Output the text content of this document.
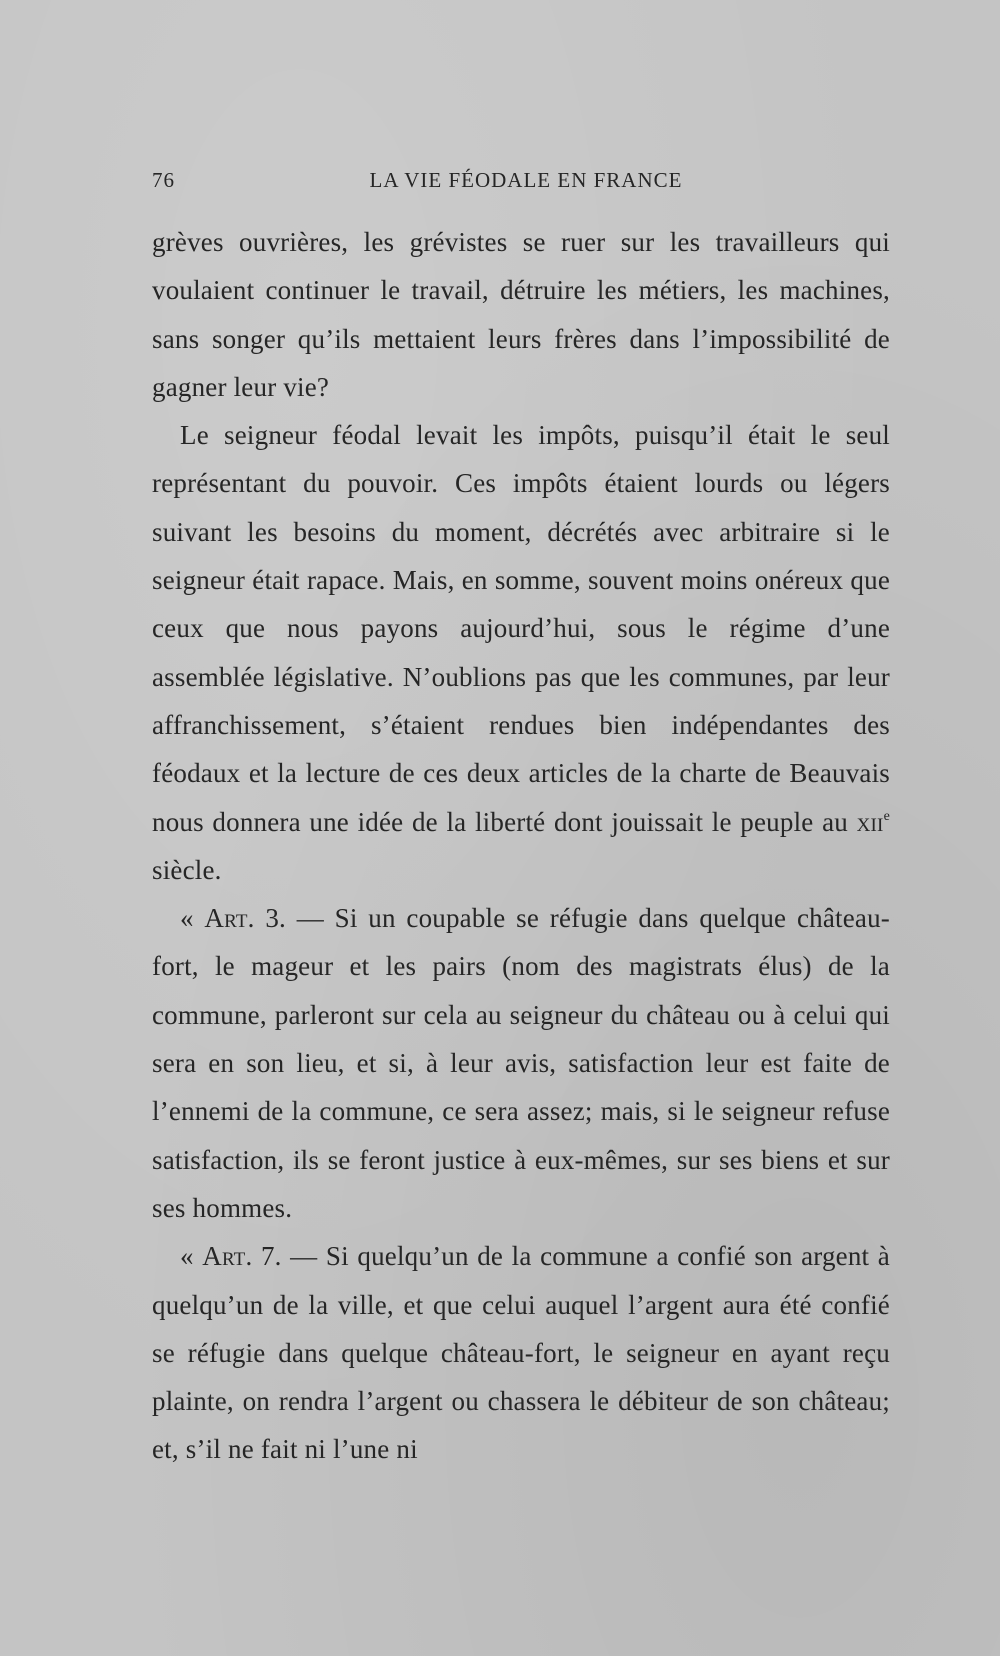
76	LA VIE FÉODALE EN FRANCE

grèves ouvrières, les grévistes se ruer sur les travailleurs qui voulaient continuer le travail, détruire les métiers, les machines, sans songer qu’ils mettaient leurs frères dans l’impossibilité de gagner leur vie?

Le seigneur féodal levait les impôts, puisqu’il était le seul représentant du pouvoir. Ces impôts étaient lourds ou légers suivant les besoins du moment, décrétés avec arbitraire si le seigneur était rapace. Mais, en somme, souvent moins onéreux que ceux que nous payons aujourd’hui, sous le régime d’une assemblée législative. N’oublions pas que les communes, par leur affranchissement, s’étaient rendues bien indépendantes des féodaux et la lecture de ces deux articles de la charte de Beauvais nous donnera une idée de la liberté dont jouissait le peuple au xii$^e$ siècle.

« Art. 3. — Si un coupable se réfugie dans quelque château-fort, le mageur et les pairs (nom des magistrats élus) de la commune, parleront sur cela au seigneur du château ou à celui qui sera en son lieu, et si, à leur avis, satisfaction leur est faite de l’ennemi de la commune, ce sera assez; mais, si le seigneur refuse satisfaction, ils se feront justice à eux-mêmes, sur ses biens et sur ses hommes.

« Art. 7. — Si quelqu’un de la commune a confié son argent à quelqu’un de la ville, et que celui auquel l’argent aura été confié se réfugie dans quelque château-fort, le seigneur en ayant reçu plainte, on rendra l’argent ou chassera le débiteur de son château; et, s’il ne fait ni l’une ni
